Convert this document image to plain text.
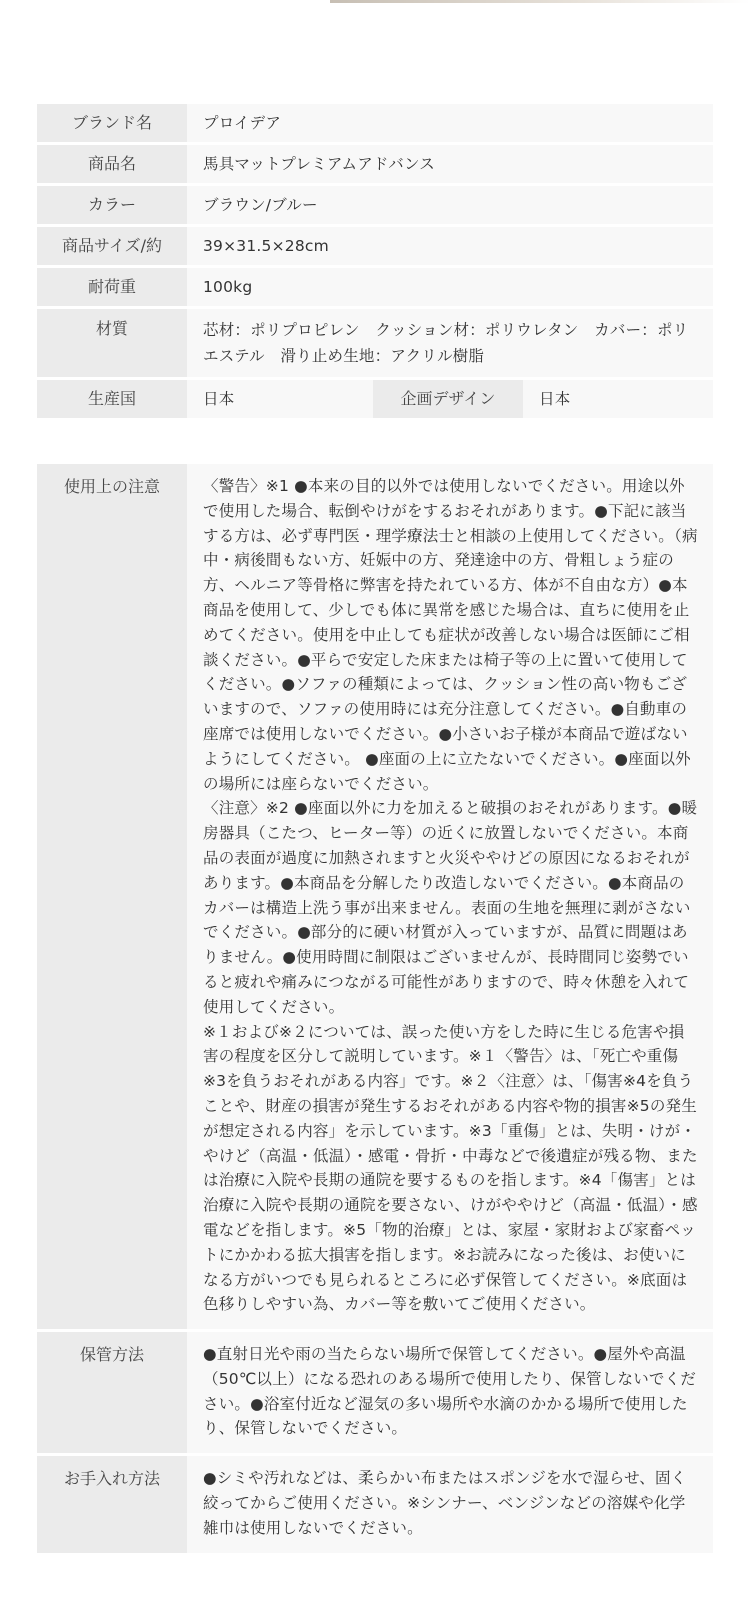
ブランド名	プロイデア		
商品名	馬具マットプレミアムアドバンス		
カラー	ブラウン/ブルー		
商品サイズ/約	39×31.5×28cm		
耐荷重	100kg		
材質	芯材：ポリプロピレン　クッション材：ポリウレタン　カバー：ポリエステル　滑り止め生地：アクリル樹脂		
生産国	日本	企画デザイン	日本
使用上の注意	〈警告〉※1 ●本来の目的以外では使用しないでください。用途以外で使用した場合、転倒やけがをするおそれがあります。●下記に該当する方は、必ず専門医・理学療法士と相談の上使用してください。（病中・病後間もない方、妊娠中の方、発達途中の方、骨粗しょう症の方、ヘルニア等骨格に弊害を持たれている方、体が不自由な方）●本商品を使用して、少しでも体に異常を感じた場合は、直ちに使用を止めてください。使用を中止しても症状が改善しない場合は医師にご相談ください。●平らで安定した床または椅子等の上に置いて使用してください。●ソファの種類によっては、クッション性の高い物もございますので、ソファの使用時には充分注意してください。●自動車の座席では使用しないでください。●小さいお子様が本商品で遊ばないようにしてください。 ●座面の上に立たないでください。●座面以外の場所には座らないでください。

〈注意〉※2 ●座面以外に力を加えると破損のおそれがあります。●暖房器具（こたつ、ヒーター等）の近くに放置しないでください。本商品の表面が過度に加熱されますと火災ややけどの原因になるおそれがあります。●本商品を分解したり改造しないでください。●本商品のカバーは構造上洗う事が出来ません。表面の生地を無理に剥がさないでください。●部分的に硬い材質が入っていますが、品質に問題はありません。●使用時間に制限はございませんが、長時間同じ姿勢でいると疲れや痛みにつながる可能性がありますので、時々休憩を入れて使用してください。

※１および※２については、誤った使い方をした時に生じる危害や損害の程度を区分して説明しています。※１〈警告〉は、「死亡や重傷※3を負うおそれがある内容」です。※２〈注意〉は、「傷害※4を負うことや、財産の損害が発生するおそれがある内容や物的損害※5の発生が想定される内容」を示しています。※3「重傷」とは、失明・けが・やけど（高温・低温）・感電・骨折・中毒などで後遺症が残る物、または治療に入院や長期の通院を要するものを指します。※4「傷害」とは治療に入院や長期の通院を要さない、けがややけど（高温・低温）・感電などを指します。※5「物的治療」とは、家屋・家財および家畜ペットにかかわる拡大損害を指します。※お読みになった後は、お使いになる方がいつでも見られるところに必ず保管してください。※底面は色移りしやすい為、カバー等を敷いてご使用ください。

保管方法	●直射日光や雨の当たらない場所で保管してください。●屋外や高温（50℃以上）になる恐れのある場所で使用したり、保管しないでください。●浴室付近など湿気の多い場所や水滴のかかる場所で使用したり、保管しないでください。
お手入れ方法	●シミや汚れなどは、柔らかい布またはスポンジを水で湿らせ、固く絞ってからご使用ください。※シンナー、ベンジンなどの溶媒や化学雑巾は使用しないでください。
